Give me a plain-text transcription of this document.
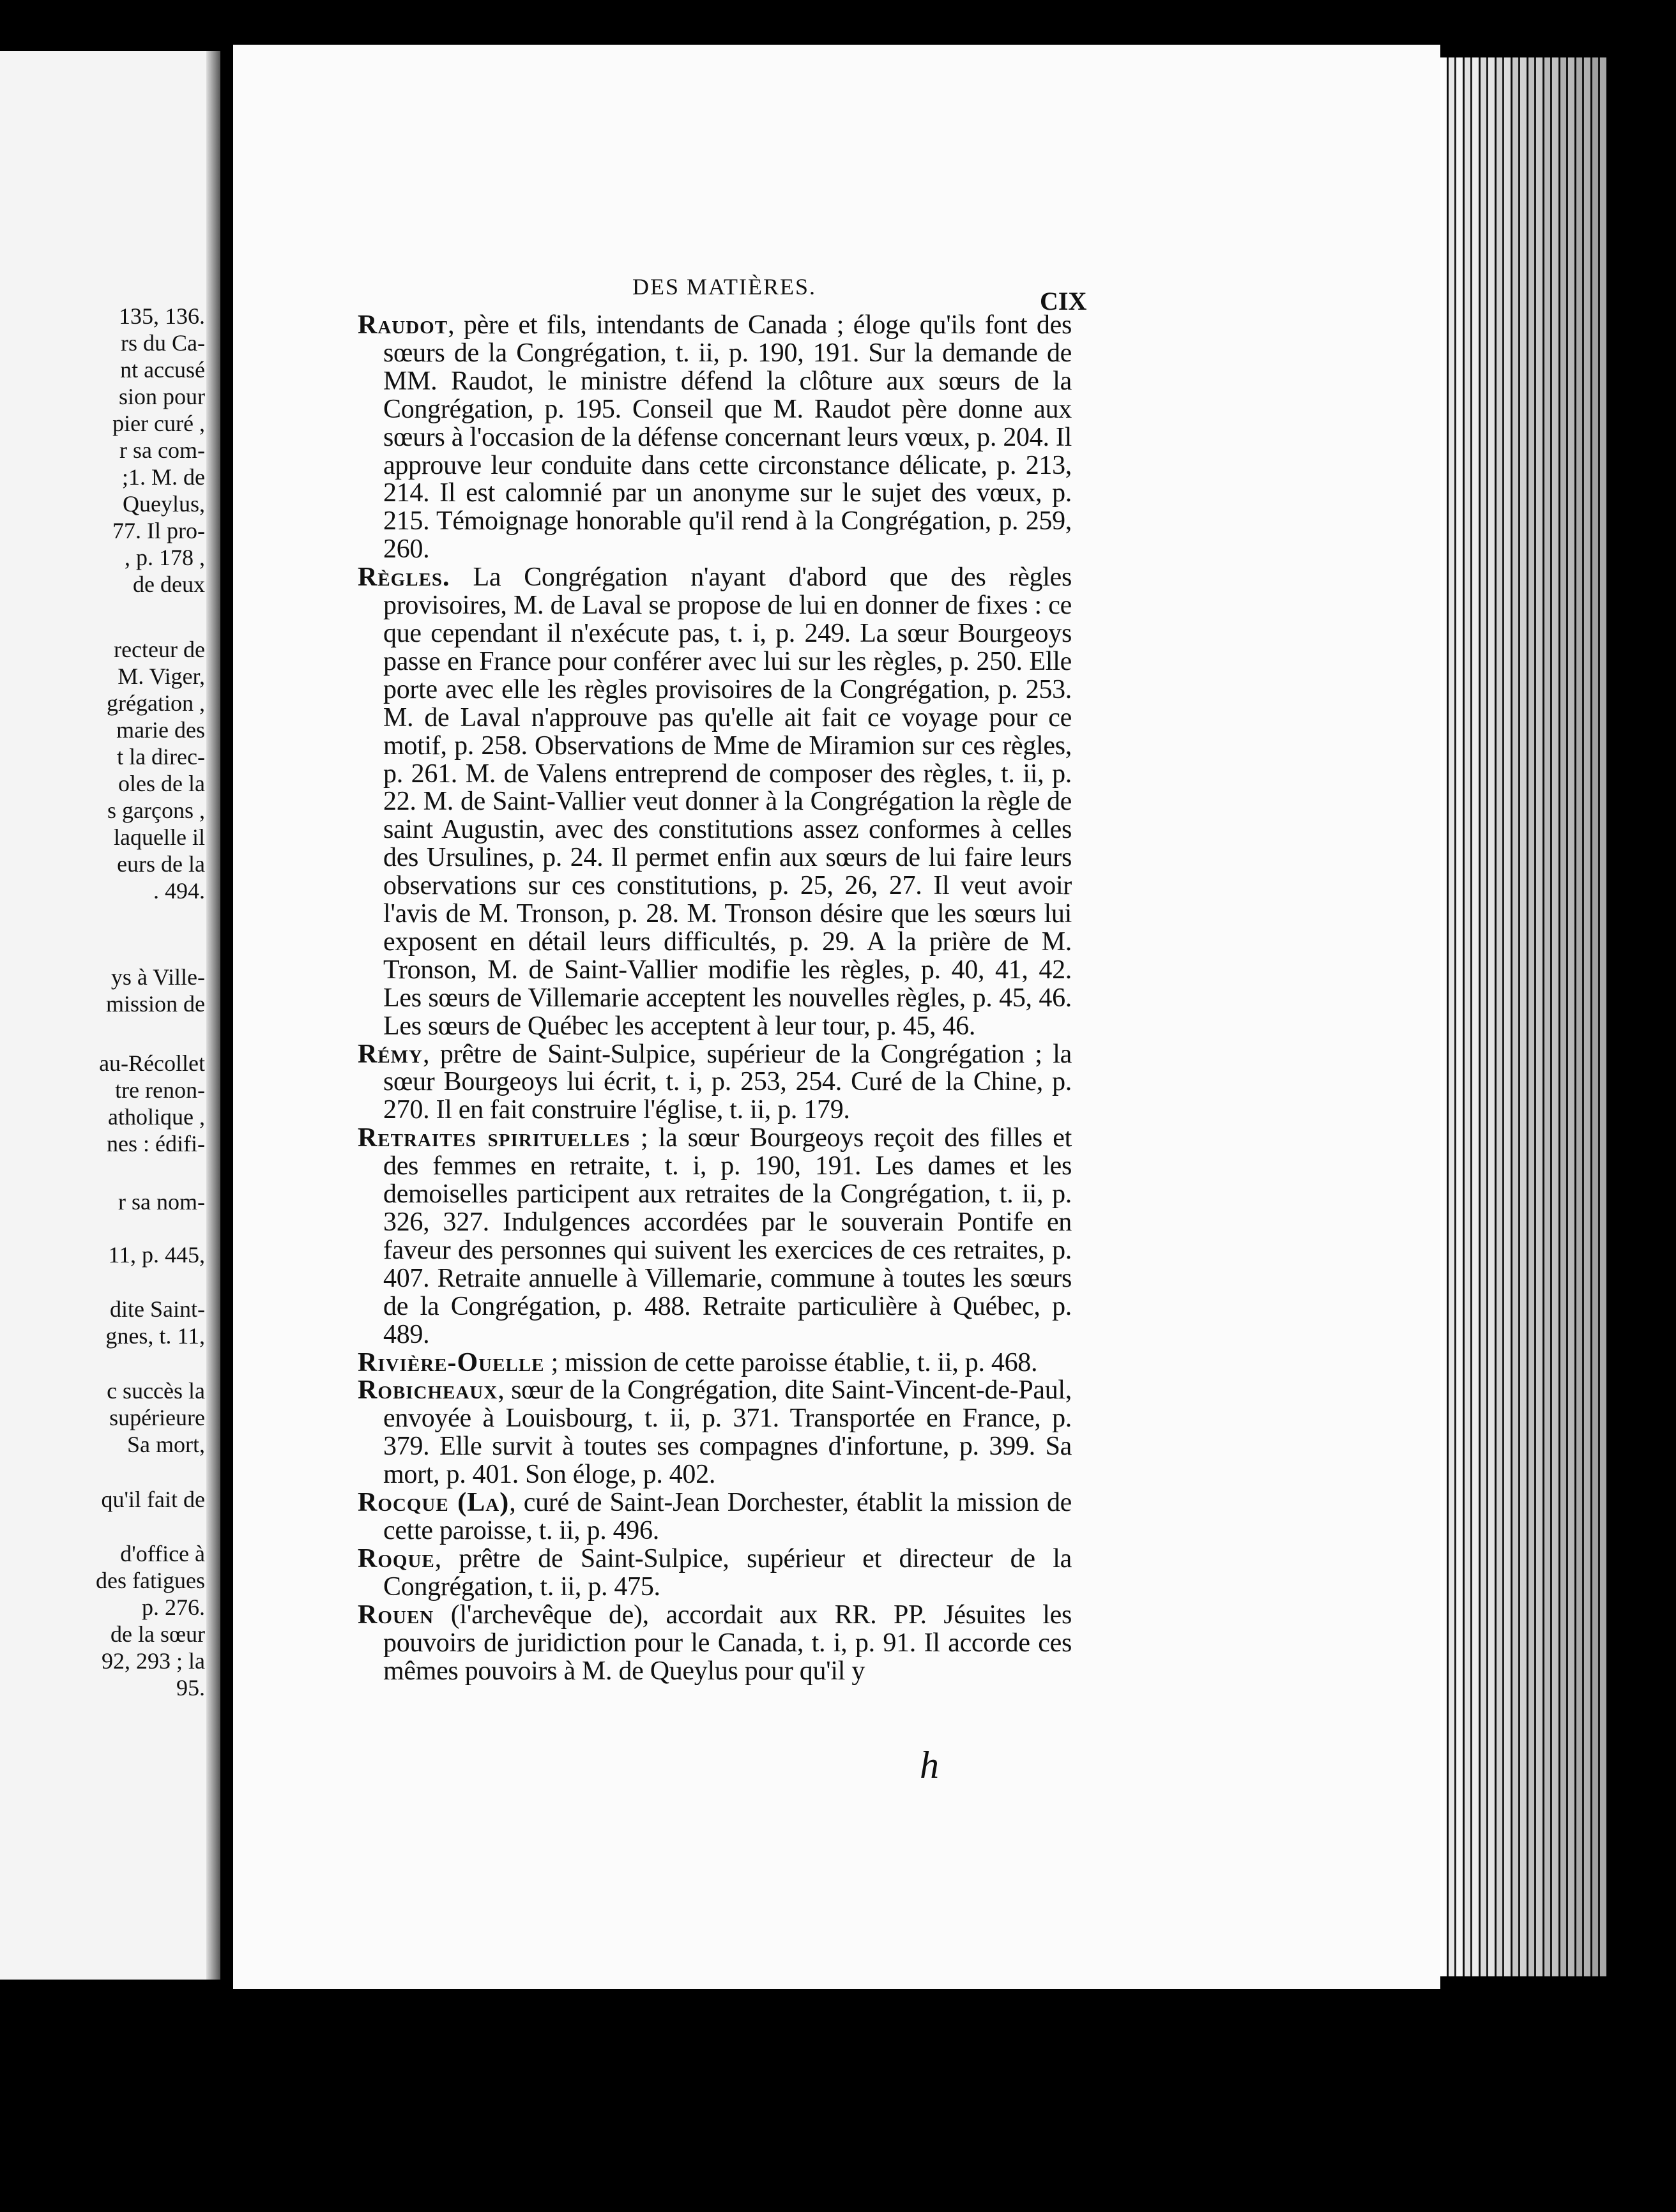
135, 136.
rs du Ca-
nt accusé
sion pour
pier curé ,
r sa com-
;1. M. de
Queylus,
77. Il pro-
, p. 178 ,
de deux
recteur de
M. Viger,
grégation ,
marie des
t la direc-
oles de la
s garçons ,
laquelle il
eurs de la
. 494.
ys à Ville-
mission de
au-Récollet
tre renon-
atholique ,
nes : édifi-
r sa nom-
11, p. 445,
dite Saint-
gnes, t. 11,
c succès la
supérieure
Sa mort,
qu'il fait de
d'office à
des fatigues
p. 276.
de la sœur
92, 293 ; la
95.
DES MATIÈRES.	CIX

Raudot, père et fils, intendants de Canada ; éloge qu'ils font des sœurs de la Congrégation, t. ii, p. 190, 191. Sur la demande de MM. Raudot, le ministre défend la clôture aux sœurs de la Congrégation, p. 195. Conseil que M. Raudot père donne aux sœurs à l'occasion de la défense concernant leurs vœux, p. 204. Il approuve leur conduite dans cette circonstance délicate, p. 213, 214. Il est calomnié par un anonyme sur le sujet des vœux, p. 215. Témoignage honorable qu'il rend à la Congrégation, p. 259, 260.

Règles. La Congrégation n'ayant d'abord que des règles provisoires, M. de Laval se propose de lui en donner de fixes : ce que cependant il n'exécute pas, t. i, p. 249. La sœur Bourgeoys passe en France pour conférer avec lui sur les règles, p. 250. Elle porte avec elle les règles provisoires de la Congrégation, p. 253. M. de Laval n'approuve pas qu'elle ait fait ce voyage pour ce motif, p. 258. Observations de Mme de Miramion sur ces règles, p. 261. M. de Valens entreprend de composer des règles, t. ii, p. 22. M. de Saint-Vallier veut donner à la Congrégation la règle de saint Augustin, avec des constitutions assez conformes à celles des Ursulines, p. 24. Il permet enfin aux sœurs de lui faire leurs observations sur ces constitutions, p. 25, 26, 27. Il veut avoir l'avis de M. Tronson, p. 28. M. Tronson désire que les sœurs lui exposent en détail leurs difficultés, p. 29. A la prière de M. Tronson, M. de Saint-Vallier modifie les règles, p. 40, 41, 42. Les sœurs de Villemarie acceptent les nouvelles règles, p. 45, 46. Les sœurs de Québec les acceptent à leur tour, p. 45, 46.

Rémy, prêtre de Saint-Sulpice, supérieur de la Congrégation ; la sœur Bourgeoys lui écrit, t. i, p. 253, 254. Curé de la Chine, p. 270. Il en fait construire l'église, t. ii, p. 179.

Retraites spirituelles ; la sœur Bourgeoys reçoit des filles et des femmes en retraite, t. i, p. 190, 191. Les dames et les demoiselles participent aux retraites de la Congrégation, t. ii, p. 326, 327. Indulgences accordées par le souverain Pontife en faveur des personnes qui suivent les exercices de ces retraites, p. 407. Retraite annuelle à Villemarie, commune à toutes les sœurs de la Congrégation, p. 488. Retraite particulière à Québec, p. 489.

Rivière-Ouelle ; mission de cette paroisse établie, t. ii, p. 468.

Robicheaux, sœur de la Congrégation, dite Saint-Vincent-de-Paul, envoyée à Louisbourg, t. ii, p. 371. Transportée en France, p. 379. Elle survit à toutes ses compagnes d'infortune, p. 399. Sa mort, p. 401. Son éloge, p. 402.

Rocque (La), curé de Saint-Jean Dorchester, établit la mission de cette paroisse, t. ii, p. 496.

Roque, prêtre de Saint-Sulpice, supérieur et directeur de la Congrégation, t. ii, p. 475.

Rouen (l'archevêque de), accordait aux RR. PP. Jésuites les pouvoirs de juridiction pour le Canada, t. i, p. 91. Il accorde ces mêmes pouvoirs à M. de Queylus pour qu'il y

h
